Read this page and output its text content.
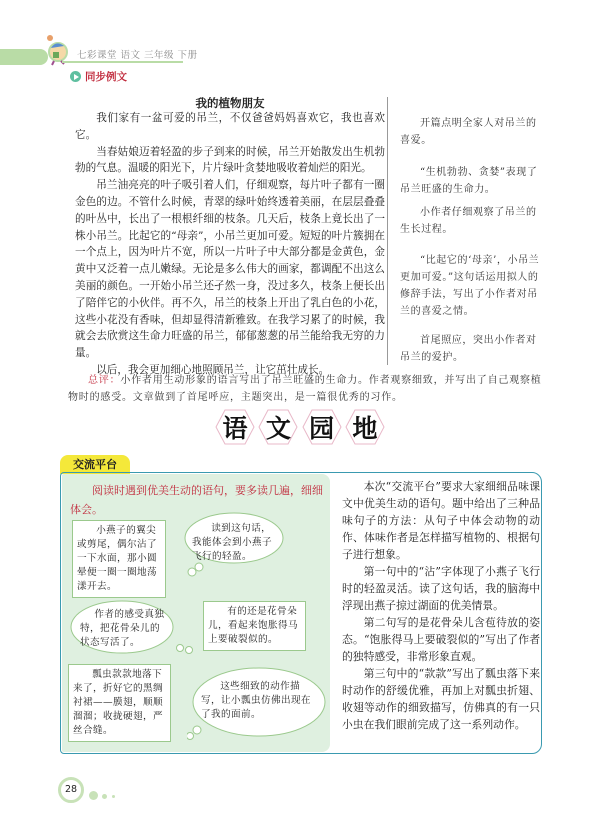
七彩课堂 语文 三年级 下册
同步例文
我的植物朋友

我们家有一盆可爱的吊兰，不仅爸爸妈妈喜欢它，我也喜欢它。

当春姑娘迈着轻盈的步子到来的时候，吊兰开始散发出生机勃勃的气息。温暖的阳光下，片片绿叶贪婪地吸收着灿烂的阳光。

吊兰油亮亮的叶子吸引着人们，仔细观察，每片叶子都有一圈金色的边。不管什么时候，青翠的绿叶始终透着美丽，在层层叠叠的叶丛中，长出了一根根纤细的枝条。几天后，枝条上竟长出了一株小吊兰。比起它的“母亲”，小吊兰更加可爱。短短的叶片簇拥在一个点上，因为叶片不宽，所以一片叶子中大部分都是金黄色，金黄中又泛着一点儿嫩绿。无论是多么伟大的画家，都调配不出这么美丽的颜色。一开始小吊兰还孑然一身，没过多久，枝条上便长出了陪伴它的小伙伴。再不久，吊兰的枝条上开出了乳白色的小花，这些小花没有香味，但却显得清新雅致。在我学习累了的时候，我就会去欣赏这生命力旺盛的吊兰，郁郁葱葱的吊兰能给我无穷的力量。

以后，我会更加细心地照顾吊兰，让它茁壮成长。

开篇点明全家人对吊兰的喜爱。
“生机勃勃、贪婪”表现了吊兰旺盛的生命力。
小作者仔细观察了吊兰的生长过程。
“比起它的‘母亲’，小吊兰更加可爱。”这句话运用拟人的修辞手法，写出了小作者对吊兰的喜爱之情。
首尾照应，突出小作者对吊兰的爱护。
总评：小作者用生动形象的语言写出了吊兰旺盛的生命力。作者观察细致，并写出了自己观察植物时的感受。文章做到了首尾呼应，主题突出，是一篇很优秀的习作。
语 文 园 地
交流平台
阅读时遇到优美生动的语句，要多读几遍，细细体会。
小燕子的翼尖或剪尾，偶尔沾了一下水面，那小圆晕便一圈一圈地荡漾开去。
读到这句话，我能体会到小燕子飞行的轻盈。
作者的感受真独特，把花骨朵儿的状态写活了。
有的还是花骨朵儿，看起来饱胀得马上要破裂似的。
瓢虫款款地落下来了，折好它的黑绸衬裙——膜翅，顺顺溜溜；收拢硬翅，严丝合缝。
这些细致的动作描写，让小瓢虫仿佛出现在了我的面前。

本次“交流平台”要求大家细细品味课文中优美生动的语句。题中给出了三种品味句子的方法：从句子中体会动物的动作、体味作者是怎样描写植物的、根据句子进行想象。

第一句中的“沾”字体现了小燕子飞行时的轻盈灵活。读了这句话，我的脑海中浮现出燕子掠过湖面的优美情景。

第二句写的是花骨朵儿含苞待放的姿态。“饱胀得马上要破裂似的”写出了作者的独特感受，非常形象直观。

第三句中的“款款”写出了瓢虫落下来时动作的舒缓优雅，再加上对瓢虫折翅、收翅等动作的细致描写，仿佛真的有一只小虫在我们眼前完成了这一系列动作。

28
